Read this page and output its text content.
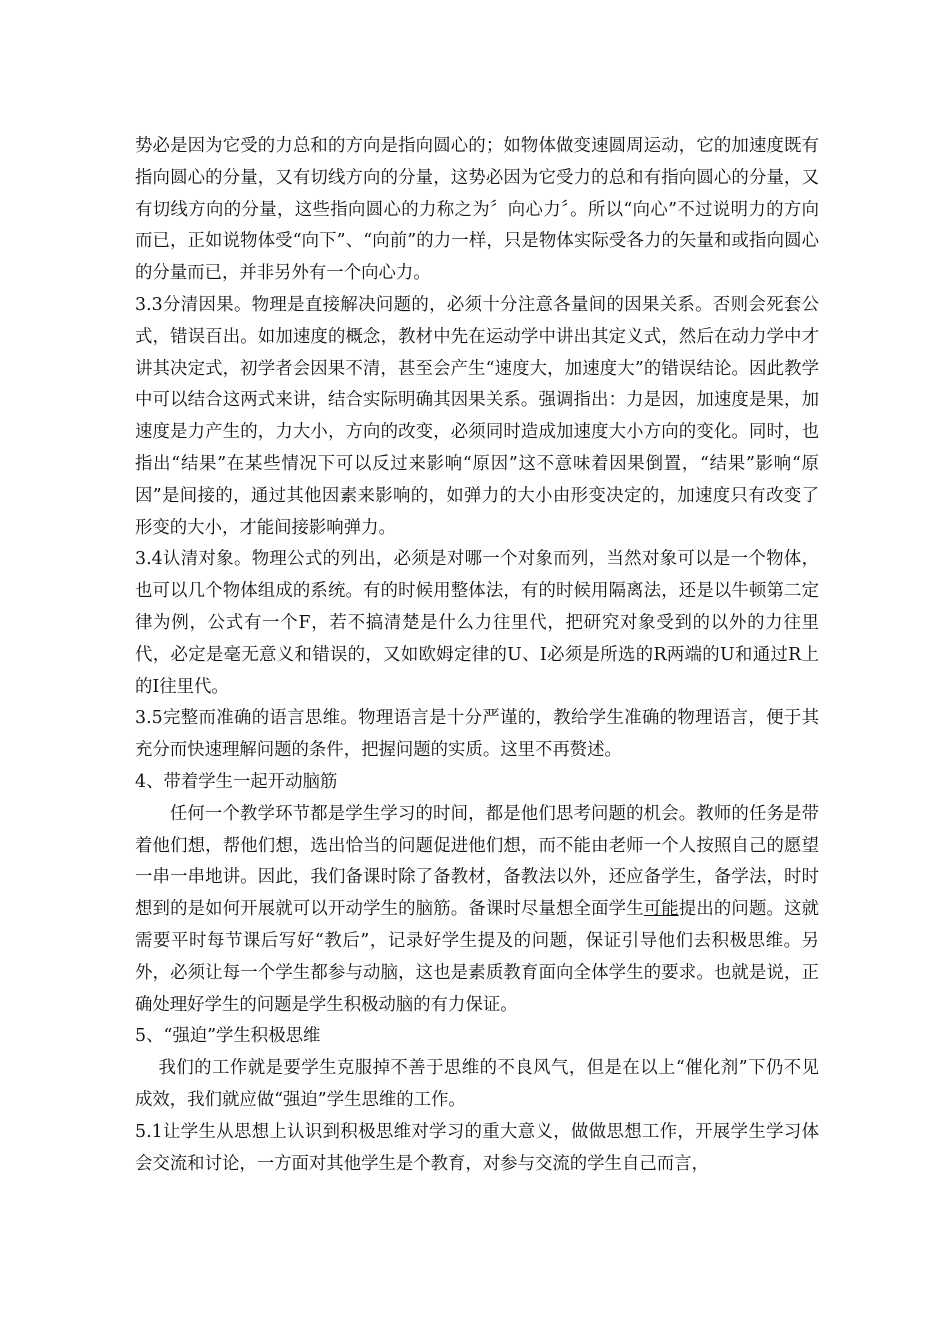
势必是因为它受的力总和的方向是指向圆心的；如物体做变速圆周运动，它的加速度既有指向圆心的分量，又有切线方向的分量，这势必因为它受力的总和有指向圆心的分量，又有切线方向的分量，这些指向圆心的力称之为〞向心力〞。所以“向心”不过说明力的方向而已，正如说物体受“向下”、“向前”的力一样，只是物体实际受各力的矢量和或指向圆心的分量而已，并非另外有一个向心力。

3.3分清因果。物理是直接解决问题的，必须十分注意各量间的因果关系。否则会死套公式，错误百出。如加速度的概念，教材中先在运动学中讲出其定义式，然后在动力学中才讲其决定式，初学者会因果不清，甚至会产生“速度大，加速度大”的错误结论。因此教学中可以结合这两式来讲，结合实际明确其因果关系。强调指出：力是因，加速度是果，加速度是力产生的，力大小，方向的改变，必须同时造成加速度大小方向的变化。同时，也指出“结果”在某些情况下可以反过来影响“原因”这不意味着因果倒置，“结果”影响“原因”是间接的，通过其他因素来影响的，如弹力的大小由形变决定的，加速度只有改变了形变的大小，才能间接影响弹力。

3.4认清对象。物理公式的列出，必须是对哪一个对象而列，当然对象可以是一个物体，也可以几个物体组成的系统。有的时候用整体法，有的时候用隔离法，还是以牛顿第二定律为例，公式有一个F，若不搞清楚是什么力往里代，把研究对象受到的以外的力往里代，必定是毫无意义和错误的，又如欧姆定律的U、I必须是所选的R两端的U和通过R上的I往里代。

3.5完整而准确的语言思维。物理语言是十分严谨的，教给学生准确的物理语言，便于其充分而快速理解问题的条件，把握问题的实质。这里不再赘述。

4、带着学生一起开动脑筋

任何一个教学环节都是学生学习的时间，都是他们思考问题的机会。教师的任务是带着他们想，帮他们想，选出恰当的问题促进他们想，而不能由老师一个人按照自己的愿望一串一串地讲。因此，我们备课时除了备教材，备教法以外，还应备学生，备学法，时时想到的是如何开展就可以开动学生的脑筋。备课时尽量想全面学生可能提出的问题。这就需要平时每节课后写好“教后”，记录好学生提及的问题，保证引导他们去积极思维。另外，必须让每一个学生都参与动脑，这也是素质教育面向全体学生的要求。也就是说，正确处理好学生的问题是学生积极动脑的有力保证。

5、“强迫”学生积极思维

我们的工作就是要学生克服掉不善于思维的不良风气，但是在以上“催化剂”下仍不见成效，我们就应做“强迫”学生思维的工作。

5.1让学生从思想上认识到积极思维对学习的重大意义，做做思想工作，开展学生学习体会交流和讨论，一方面对其他学生是个教育，对参与交流的学生自己而言，
